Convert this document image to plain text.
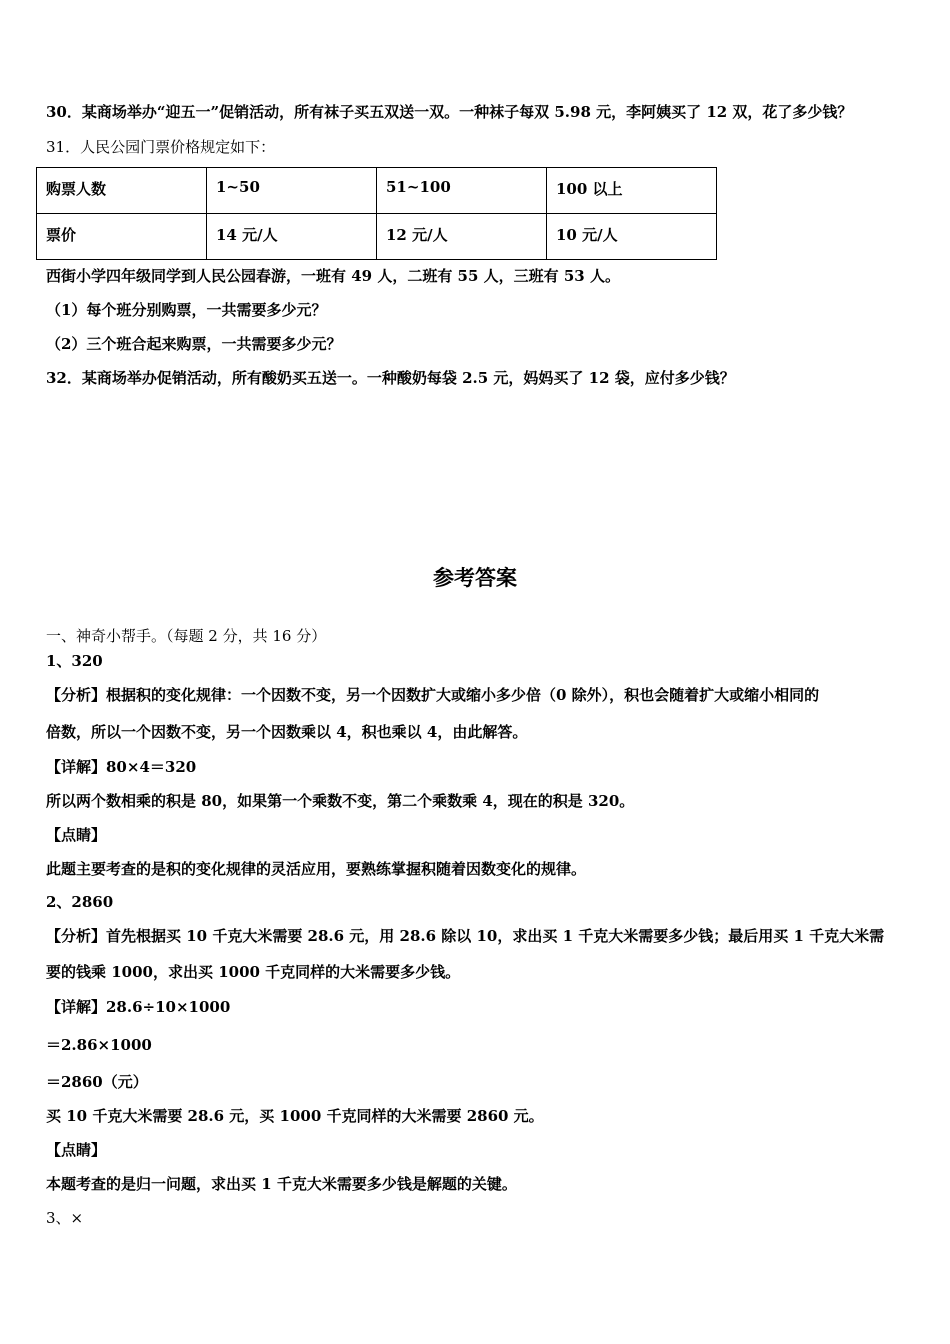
30．某商场举办“迎五一”促销活动，所有袜子买五双送一双。一种袜子每双 5.98 元，李阿姨买了 12 双，花了多少钱？
31．人民公园门票价格规定如下：
购票人数	1~50	51~100	100 以上
票价	14 元/人	12 元/人	10 元/人
西街小学四年级同学到人民公园春游，一班有 49 人，二班有 55 人，三班有 53 人。
（1）每个班分别购票，一共需要多少元？
（2）三个班合起来购票，一共需要多少元？
32．某商场举办促销活动，所有酸奶买五送一。一种酸奶每袋 2.5 元，妈妈买了 12 袋，应付多少钱？
参考答案
一、神奇小帮手。（每题 2 分，共 16 分）
1、320
【分析】根据积的变化规律：一个因数不变，另一个因数扩大或缩小多少倍（0 除外），积也会随着扩大或缩小相同的
倍数，所以一个因数不变，另一个因数乘以 4，积也乘以 4，由此解答。
【详解】80×4＝320
所以两个数相乘的积是 80，如果第一个乘数不变，第二个乘数乘 4，现在的积是 320。
【点睛】
此题主要考查的是积的变化规律的灵活应用，要熟练掌握积随着因数变化的规律。
2、2860
【分析】首先根据买 10 千克大米需要 28.6 元，用 28.6 除以 10，求出买 1 千克大米需要多少钱；最后用买 1 千克大米需
要的钱乘 1000，求出买 1000 千克同样的大米需要多少钱。
【详解】28.6÷10×1000
＝2.86×1000
＝2860（元）
买 10 千克大米需要 28.6 元，买 1000 千克同样的大米需要 2860 元。
【点睛】
本题考查的是归一问题，求出买 1 千克大米需要多少钱是解题的关键。
3、×
